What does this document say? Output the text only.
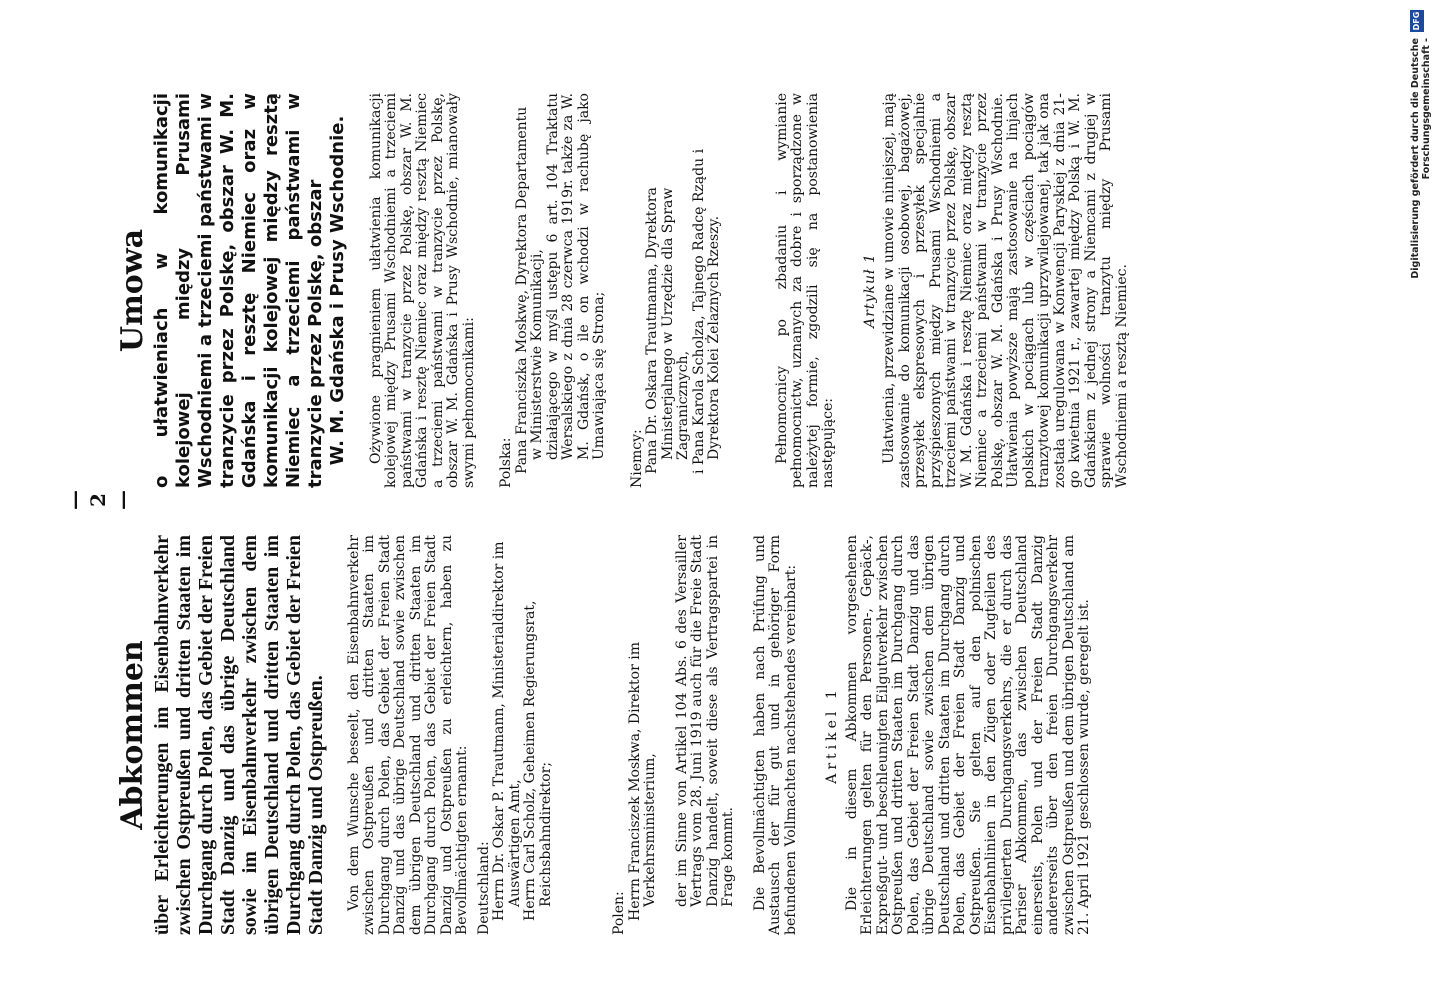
— 2 —
Abkommen über Erleichterungen im Eisenbahnverkehr zwischen Ostpreußen und dritten Staaten im Durchgang durch Polen, das Gebiet der Freien Stadt Danzig und das übrige Deutschland sowie im Eisenbahnverkehr zwischen dem übrigen Deutschland und dritten Staaten im Durchgang durch Polen, das Gebiet der Freien Stadt Danzig und Ostpreußen. Von dem Wunsche beseelt, den Eisenbahnverkehr zwischen Ostpreußen und dritten Staaten im Durchgang durch Polen, das Gebiet der Freien Stadt Danzig und das übrige Deutschland sowie zwischen dem übrigen Deutschland und dritten Staaten im Durchgang durch Polen, das Gebiet der Freien Stadt Danzig und Ostpreußen zu erleichtern, haben zu Bevollmächtigten ernannt: Deutschland: Herrn Dr. Oskar P. Trautmann, Ministerialdirektor im Auswärtigen Amt, Herrn Carl Scholz, Geheimen Regierungsrat, Reichsbahndirektor;

Polen: Herrn Franciszek Moskwa, Direktor im Verkehrsministerium, der im Sinne von Artikel 104 Abs. 6 des Versailler Vertrags vom 28. Juni 1919 auch für die Freie Stadt Danzig handelt, soweit diese als Vertragspartei in Frage kommt. Die Bevollmächtigten haben nach Prüfung und Austausch der für gut und in gehöriger Form befundenen Vollmachten nachstehendes vereinbart: Artikel 1 Die in diesem Abkommen vorgesehenen Erleichterungen gelten für den Personen-, Gepäck-, Expreßgut- und beschleunigten Eilgutverkehr zwischen Ostpreußen und dritten Staaten im Durchgang durch Polen, das Gebiet der Freien Stadt Danzig und das übrige Deutschland sowie zwischen dem übrigen Deutschland und dritten Staaten im Durchgang durch Polen, das Gebiet der Freien Stadt Danzig und Ostpreußen. Sie gelten auf den polnischen Eisenbahnlinien in den Zügen oder Zugteilen des privilegierten Durchgangsverkehrs, die er durch das Pariser Abkommen, das zwischen Deutschland einerseits, Polen und der Freien Stadt Danzig andererseits über den freien Durchgangsverkehr zwischen Ostpreußen und dem übrigen Deutschland am 21. April 1921 geschlossen wurde, geregelt ist.

Umowa o ułatwieniach w komunikacji kolejowej między Prusami Wschodniemi a trzeciemi państwami w tranzycie przez Polskę, obszar W. M. Gdańska i resztę Niemiec oraz w komunikacji kolejowej między resztą Niemiec a trzeciemi państwami w tranzycie przez Polskę, obszar W. M. Gdańska i Prusy Wschodnie. Ożywione pragnieniem ułatwienia komunikacji kolejowej między Prusami Wschodniemi a trzeciemi państwami w tranzycie przez Polskę, obszar W. M. Gdańska i resztę Niemiec oraz między resztą Niemiec a trzeciemi państwami w tranzycie przez Polskę, obszar W. M. Gdańska i Prusy Wschodnie, mianowały swymi pełnomocnikami: Polska: Pana Franciszka Moskwę, Dyrektora Departamentu w Ministerstwie Komunikacji, działającego w myśl ustępu 6 art. 104 Traktatu Wersalskiego z dnia 28 czerwca 1919r. także za W. M. Gdańsk, o ile on wchodzi w rachubę jako Umawiająca się Strona; Niemcy: Pana Dr. Oskara Trautmanna, Dyrektora Ministerjalnego w Urzędzie dla Spraw Zagranicznych, i Pana Karola Scholza, Tajnego Radcę Rządu i Dyrektora Kolei Żelaznych Rzeszy.	Pełnomocnicy po zbadaniu i wymianie pełnomocnictw, uznanych za dobre i sporządzone w należytej formie, zgodzili się na postanowienia następujące:

Artykuł 1 Ułatwienia, przewidziane w umowie niniejszej, mają zastosowanie do komunikacji osobowej, bagażowej, przesyłek ekspresowych i przesyłek specjalnie przyśpieszonych między Prusami Wschodniemi a trzeciemi państwami w tranzycie przez Polskę, obszar W. M. Gdańska i resztę Niemiec oraz między resztą Niemiec a trzeciemi państwami w tranzycie przez Polskę, obszar W. M. Gdańska i Prusy Wschodnie. Ułatwienia powyższe mają zastosowanie na linjach polskich w pociągach lub w częściach pociągów tranzytowej komunikacji uprzywilejowanej, tak jak ona została uregulowana w Konwencji Paryskiej z dnia 21-go kwietnia 1921 r., zawartej między Polską i W. M. Gdańskiem z jednej strony a Niemcami z drugiej w sprawie wolności tranzytu między Prusami Wschodniemi a resztą Niemiec.

Digitalisierung gefördert durch die Deutsche Forschungsgemeinschaft -
DFG
